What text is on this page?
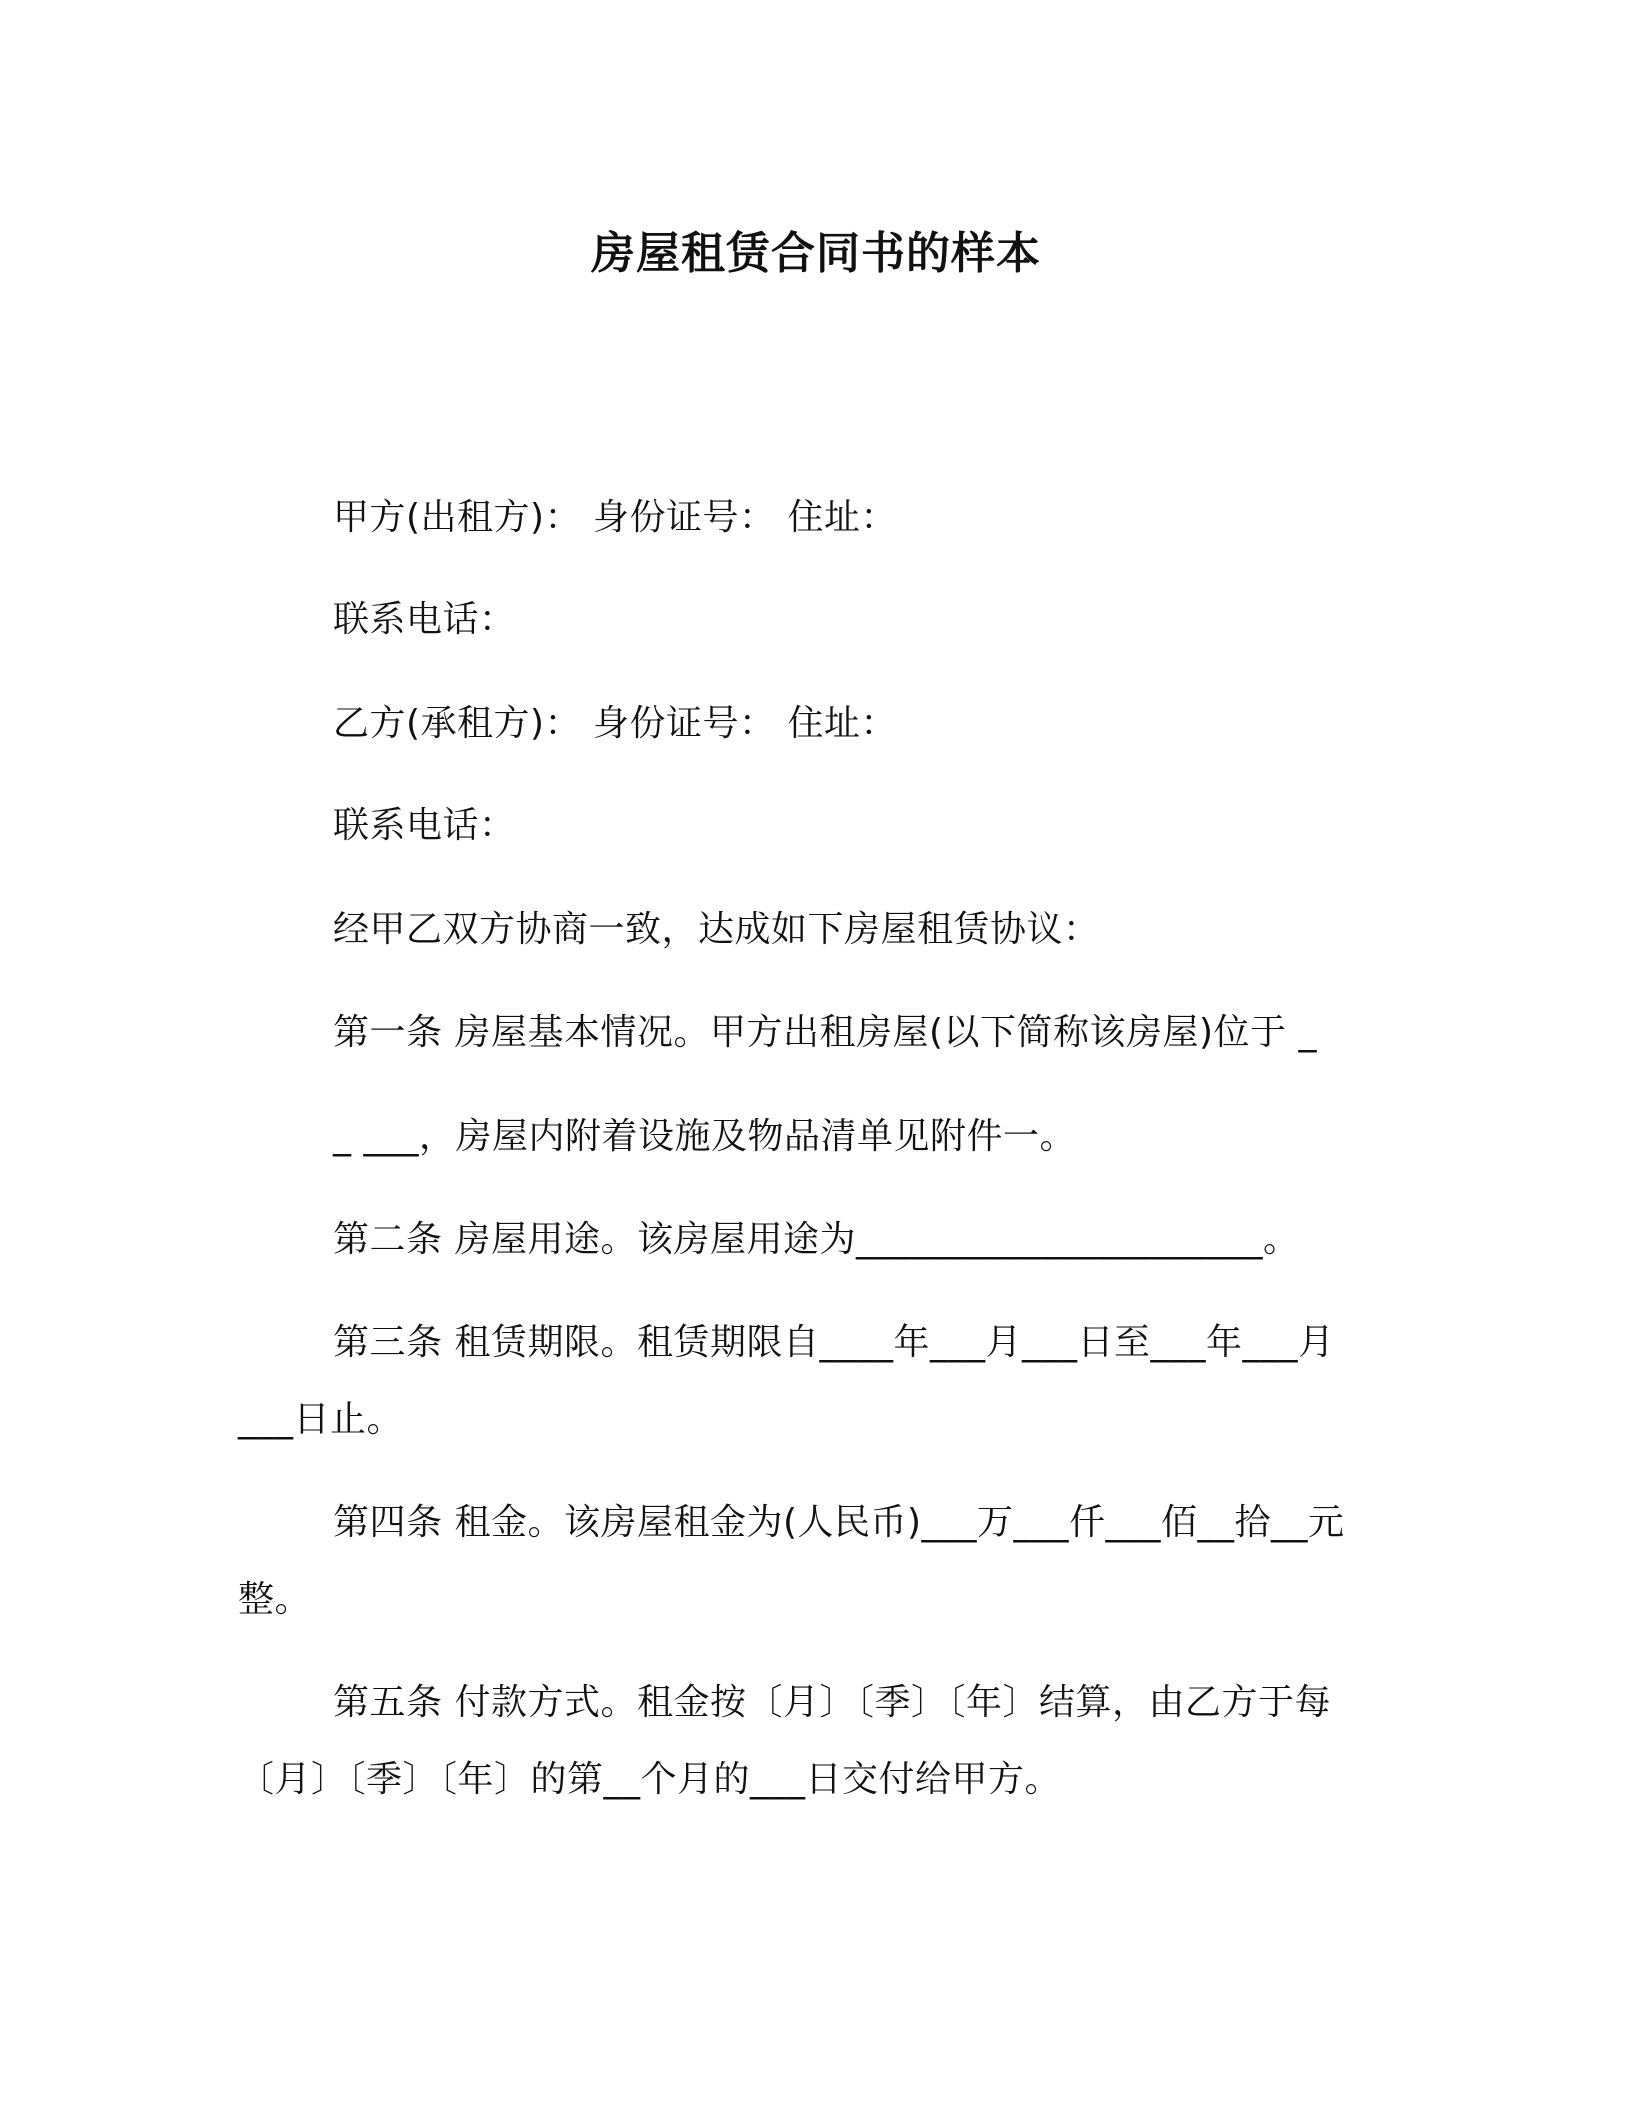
房屋租赁合同书的样本
甲方(出租方)： 身份证号： 住址：
联系电话：
乙方(承租方)： 身份证号： 住址：
联系电话：
经甲乙双方协商一致，达成如下房屋租赁协议：
第一条 房屋基本情况。甲方出租房屋(以下简称该房屋)位于 _
_ ___，房屋内附着设施及物品清单见附件一。
第二条 房屋用途。该房屋用途为______________________。
第三条 租赁期限。租赁期限自____年___月___日至___年___月
___日止。
第四条 租金。该房屋租金为(人民币)___万___仟___佰__拾__元
整。
第五条 付款方式。租金按〔月〕〔季〕〔年〕结算，由乙方于每
〔月〕〔季〕〔年〕的第__个月的___日交付给甲方。
